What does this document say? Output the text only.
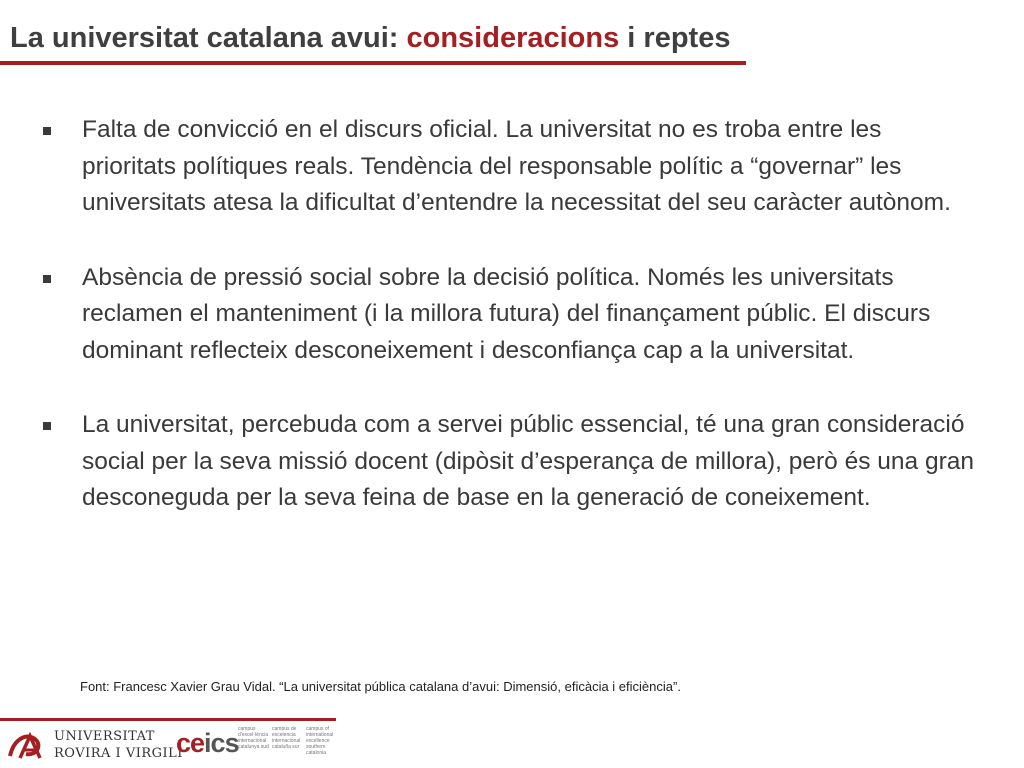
La universitat catalana avui: consideracions i reptes
Falta de convicció en el discurs oficial. La universitat no es troba entre les prioritats polítiques reals. Tendència del responsable polític a “governar” les universitats atesa la dificultat d’entendre la necessitat del seu caràcter autònom.
Absència de pressió social sobre la decisió política. Només les universitats reclamen el manteniment (i la millora futura) del finançament públic. El discurs dominant reflecteix desconeixement i desconfiança cap a la universitat.
La universitat, percebuda com a servei públic essencial, té una gran consideració social per la seva missió docent (dipòsit d’esperança de millora), però és una gran desconeguda per la seva feina de base en la generació de coneixement.
Font: Francesc Xavier Grau Vidal. “La universitat pública catalana d’avui: Dimensió, eficàcia i eficiència”.
UNIVERSITAT
ROVIRA I VIRGILI
ceics campus d'excel·lència internacional catalunya sud
campus de excelencia internacional cataluña sur
campus of international excellence southern catalonia
